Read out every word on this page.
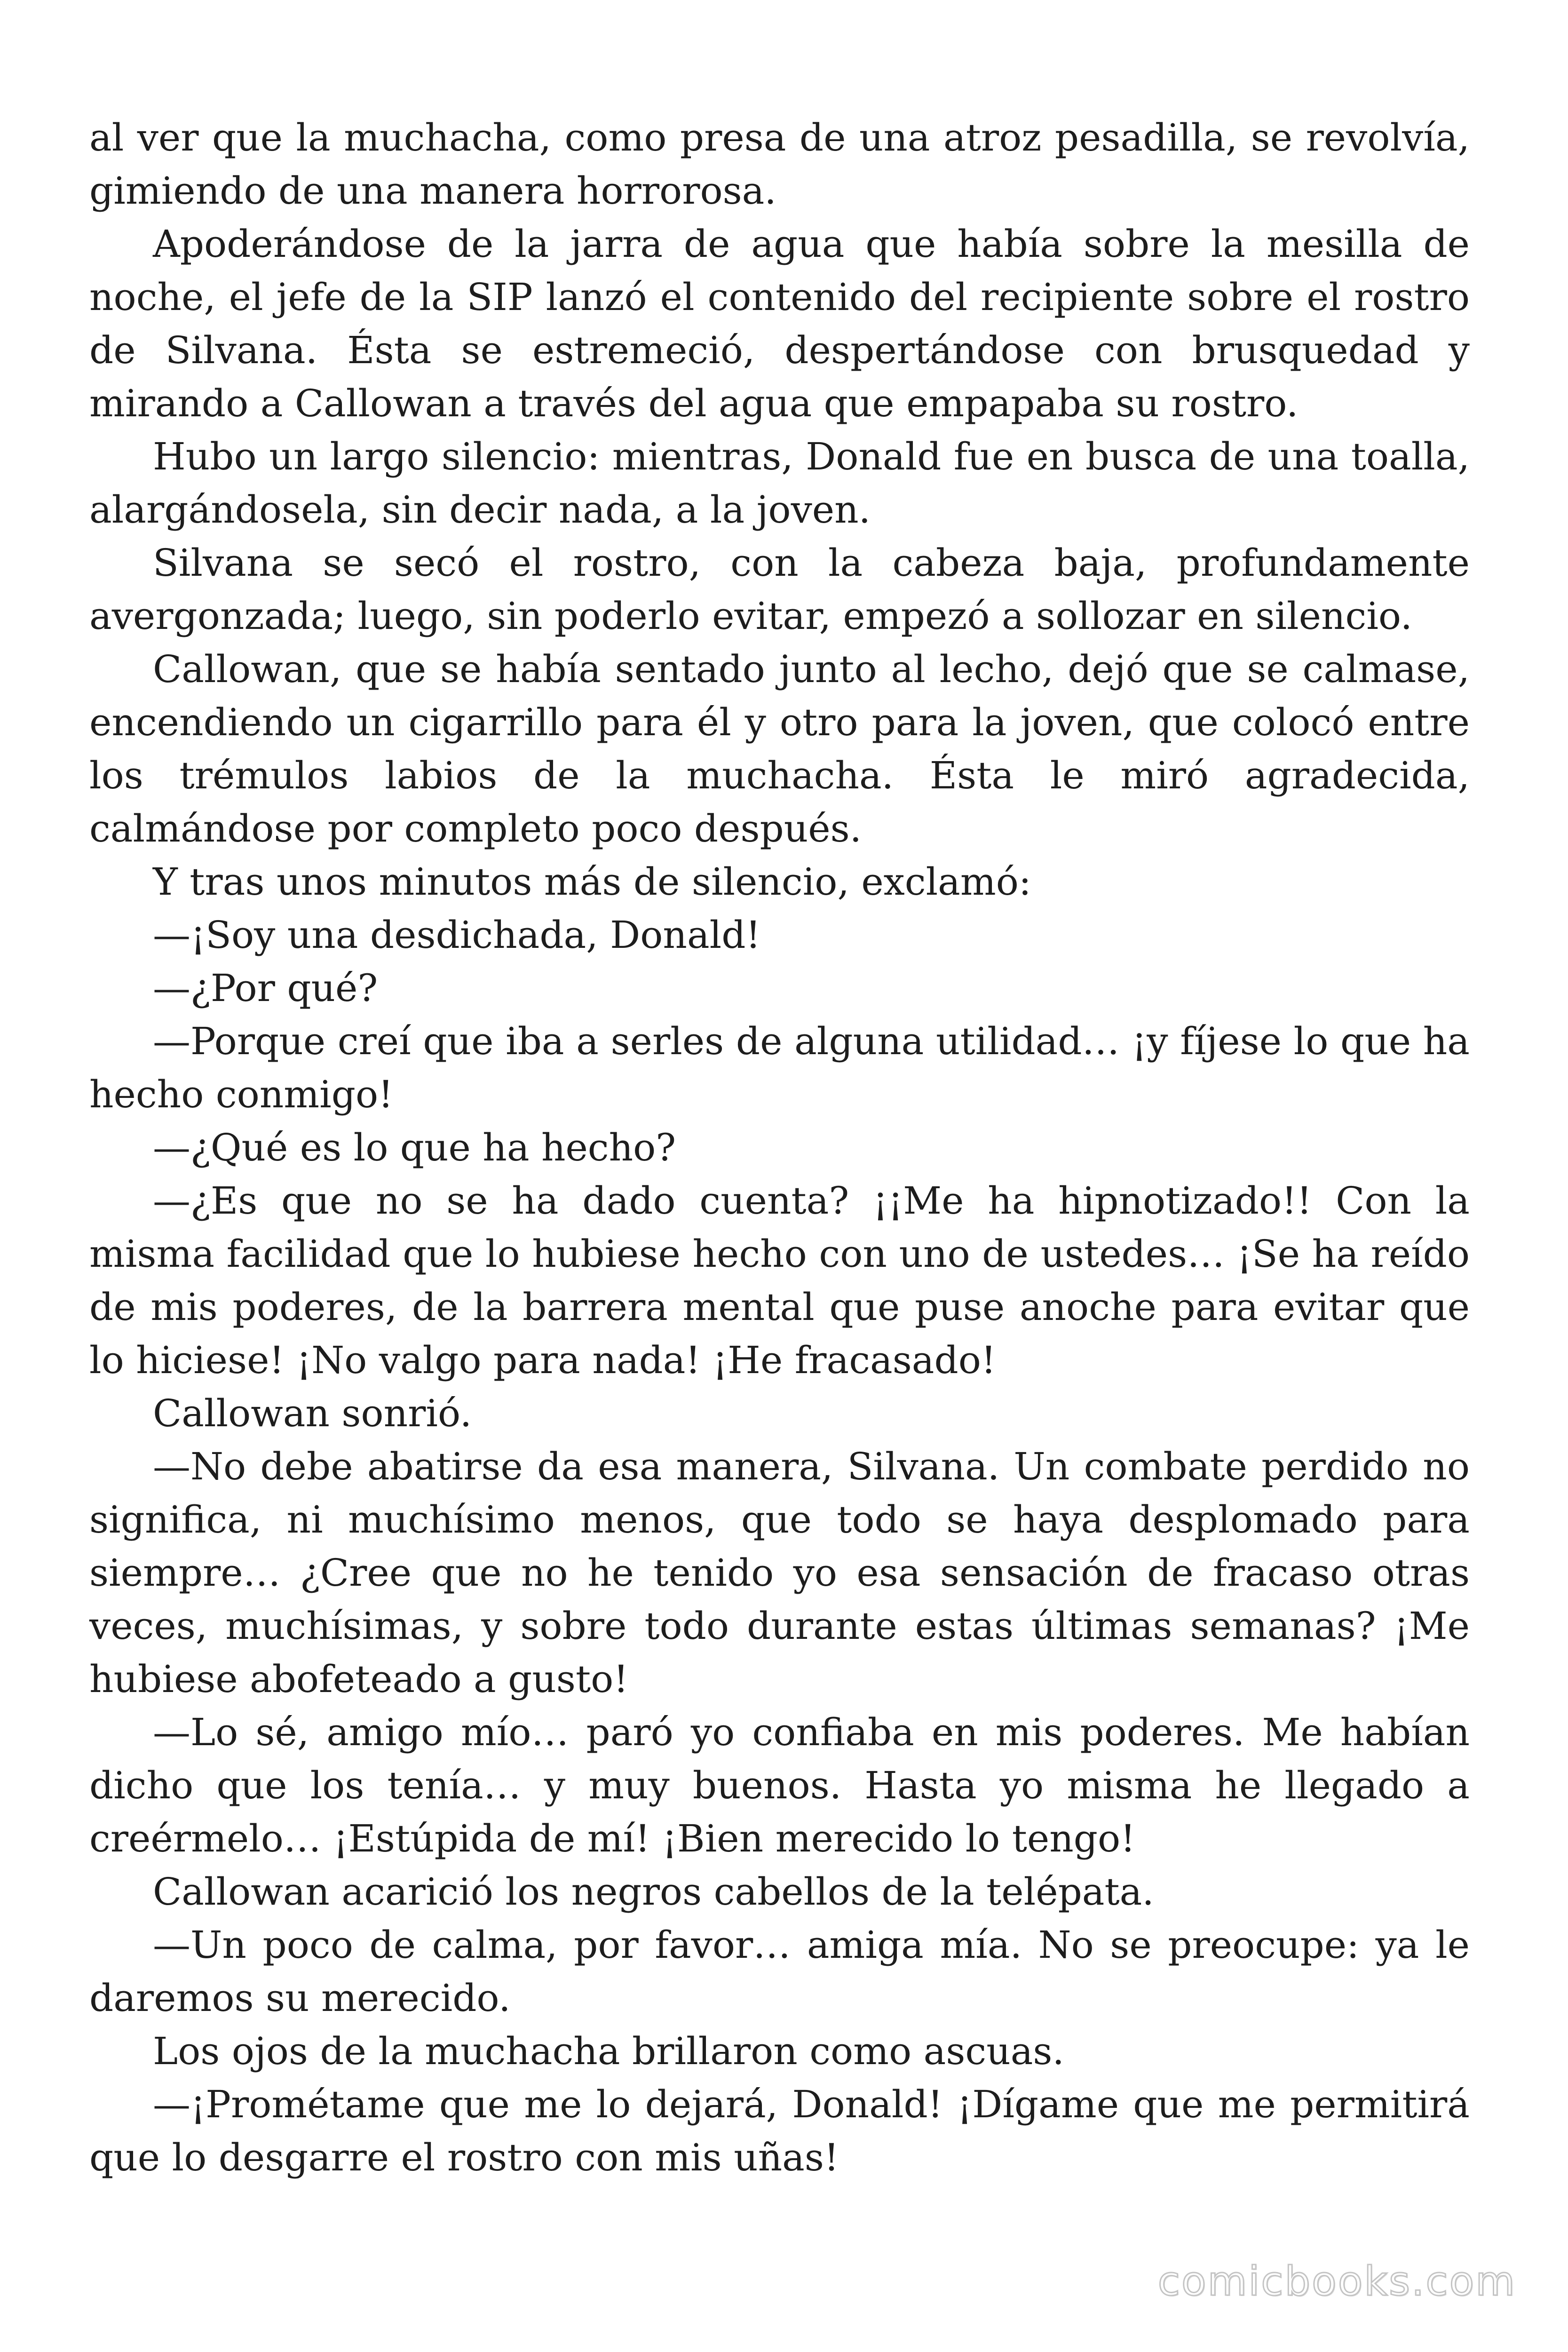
al ver que la muchacha, como presa de una atroz pesadilla, se revolvía, gimiendo de una manera horrorosa.

Apoderándose de la jarra de agua que había sobre la mesilla de noche, el jefe de la SIP lanzó el contenido del recipiente sobre el rostro de Silvana. Ésta se estremeció, despertándose con brusquedad y mirando a Callowan a través del agua que empapaba su rostro.

Hubo un largo silencio: mientras, Donald fue en busca de una toalla, alargándosela, sin decir nada, a la joven.

Silvana se secó el rostro, con la cabeza baja, profundamente avergonzada; luego, sin poderlo evitar, empezó a sollozar en silencio.

Callowan, que se había sentado junto al lecho, dejó que se calmase, encendiendo un cigarrillo para él y otro para la joven, que colocó entre los trémulos labios de la muchacha. Ésta le miró agradecida, calmándose por completo poco después.

Y tras unos minutos más de silencio, exclamó:

—¡Soy una desdichada, Donald!

—¿Por qué?

—Porque creí que iba a serles de alguna utilidad… ¡y fíjese lo que ha hecho conmigo!

—¿Qué es lo que ha hecho?

—¿Es que no se ha dado cuenta? ¡¡Me ha hipnotizado!! Con la misma facilidad que lo hubiese hecho con uno de ustedes… ¡Se ha reído de mis poderes, de la barrera mental que puse anoche para evitar que lo hiciese! ¡No valgo para nada! ¡He fracasado!

Callowan sonrió.

—No debe abatirse da esa manera, Silvana. Un combate perdido no significa, ni muchísimo menos, que todo se haya desplomado para siempre… ¿Cree que no he tenido yo esa sensación de fracaso otras veces, muchísimas, y sobre todo durante estas últimas semanas? ¡Me hubiese abofeteado a gusto!

—Lo sé, amigo mío… paró yo confiaba en mis poderes. Me habían dicho que los tenía… y muy buenos. Hasta yo misma he llegado a creérmelo… ¡Estúpida de mí! ¡Bien merecido lo tengo!

Callowan acarició los negros cabellos de la telépata.

—Un poco de calma, por favor… amiga mía. No se preocupe: ya le daremos su merecido.

Los ojos de la muchacha brillaron como ascuas.

—¡Prométame que me lo dejará, Donald! ¡Dígame que me permitirá que lo desgarre el rostro con mis uñas!

comicbooks.com
